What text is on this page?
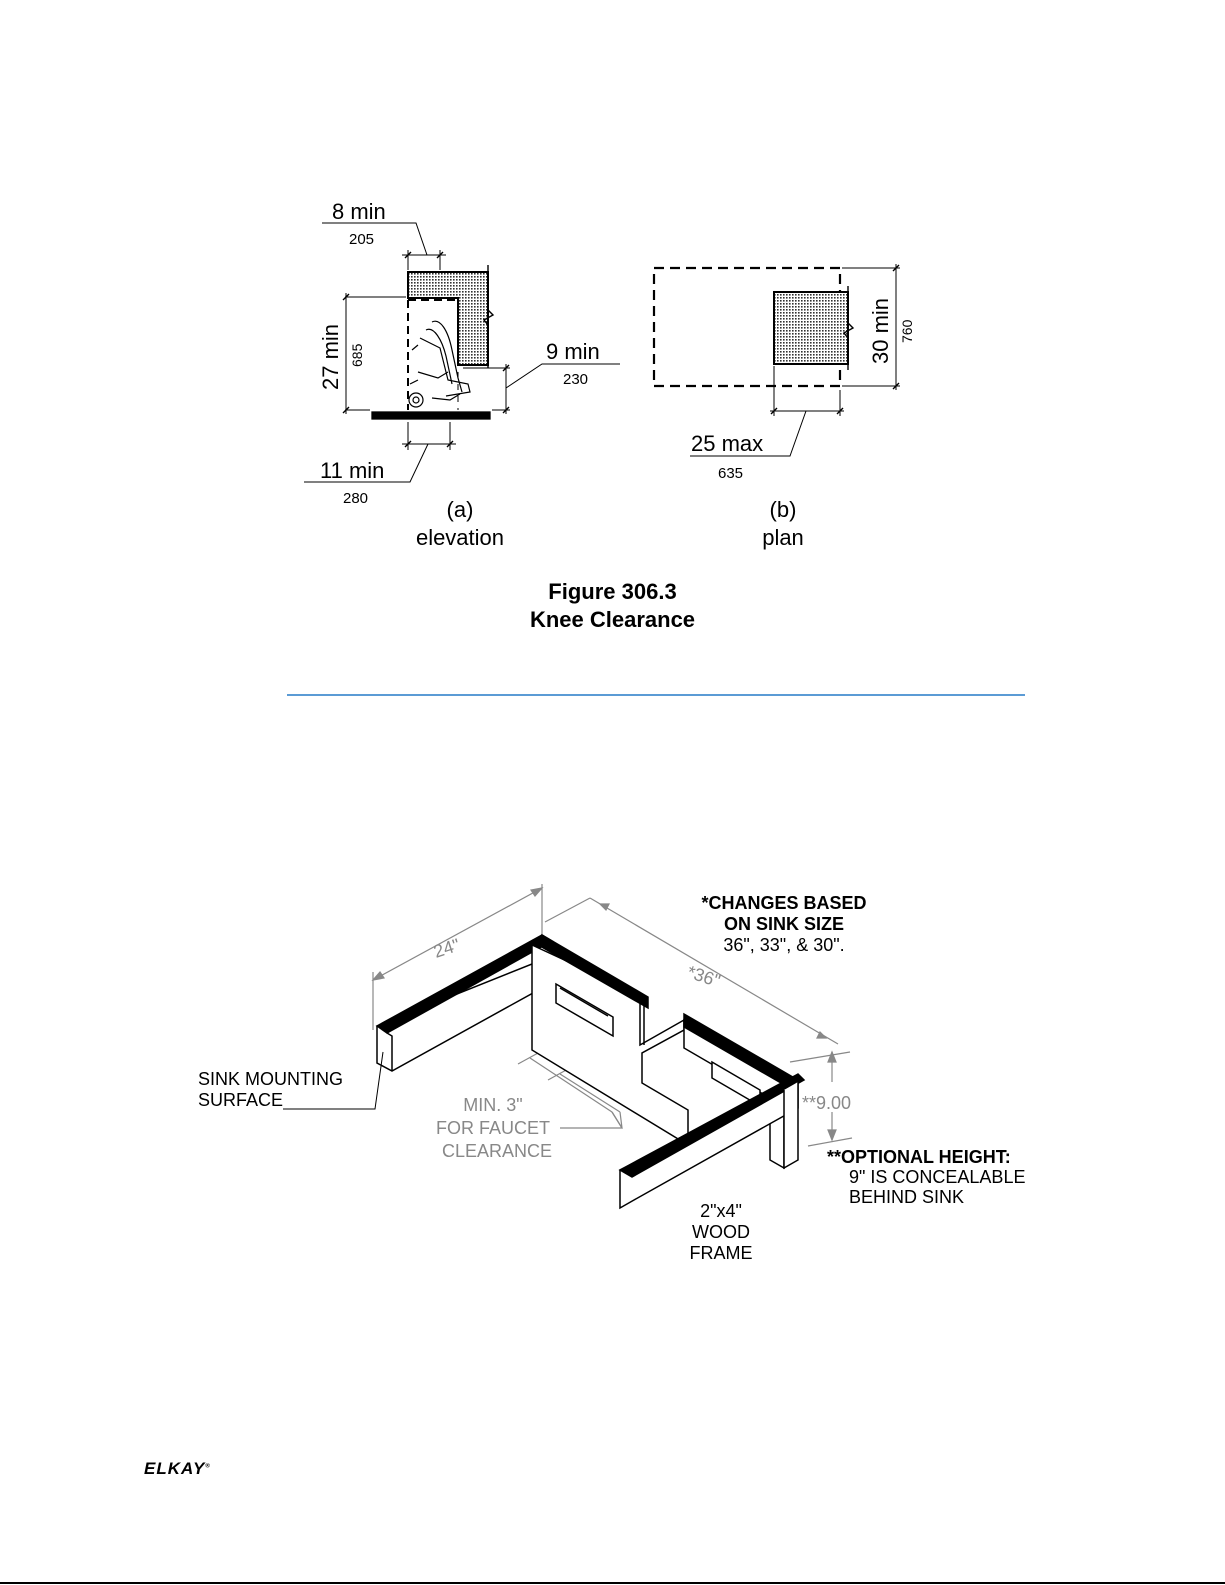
8 min
205
27 min 685	9 min
230
11 min
280	(a)
elevation
30 min 760
25 max
635
(b)
plan
Figure 306.3
Knee Clearance
*CHANGES BASED
ON SINK SIZE
36", 33", & 30".
24"
*36"
**9.00
SINK MOUNTING
SURFACE	MIN. 3"
FOR FAUCET
CLEARANCE	**OPTIONAL HEIGHT:
9" IS CONCEALABLE
BEHIND SINK
2"x4"
WOOD
FRAME
ELKAY®
